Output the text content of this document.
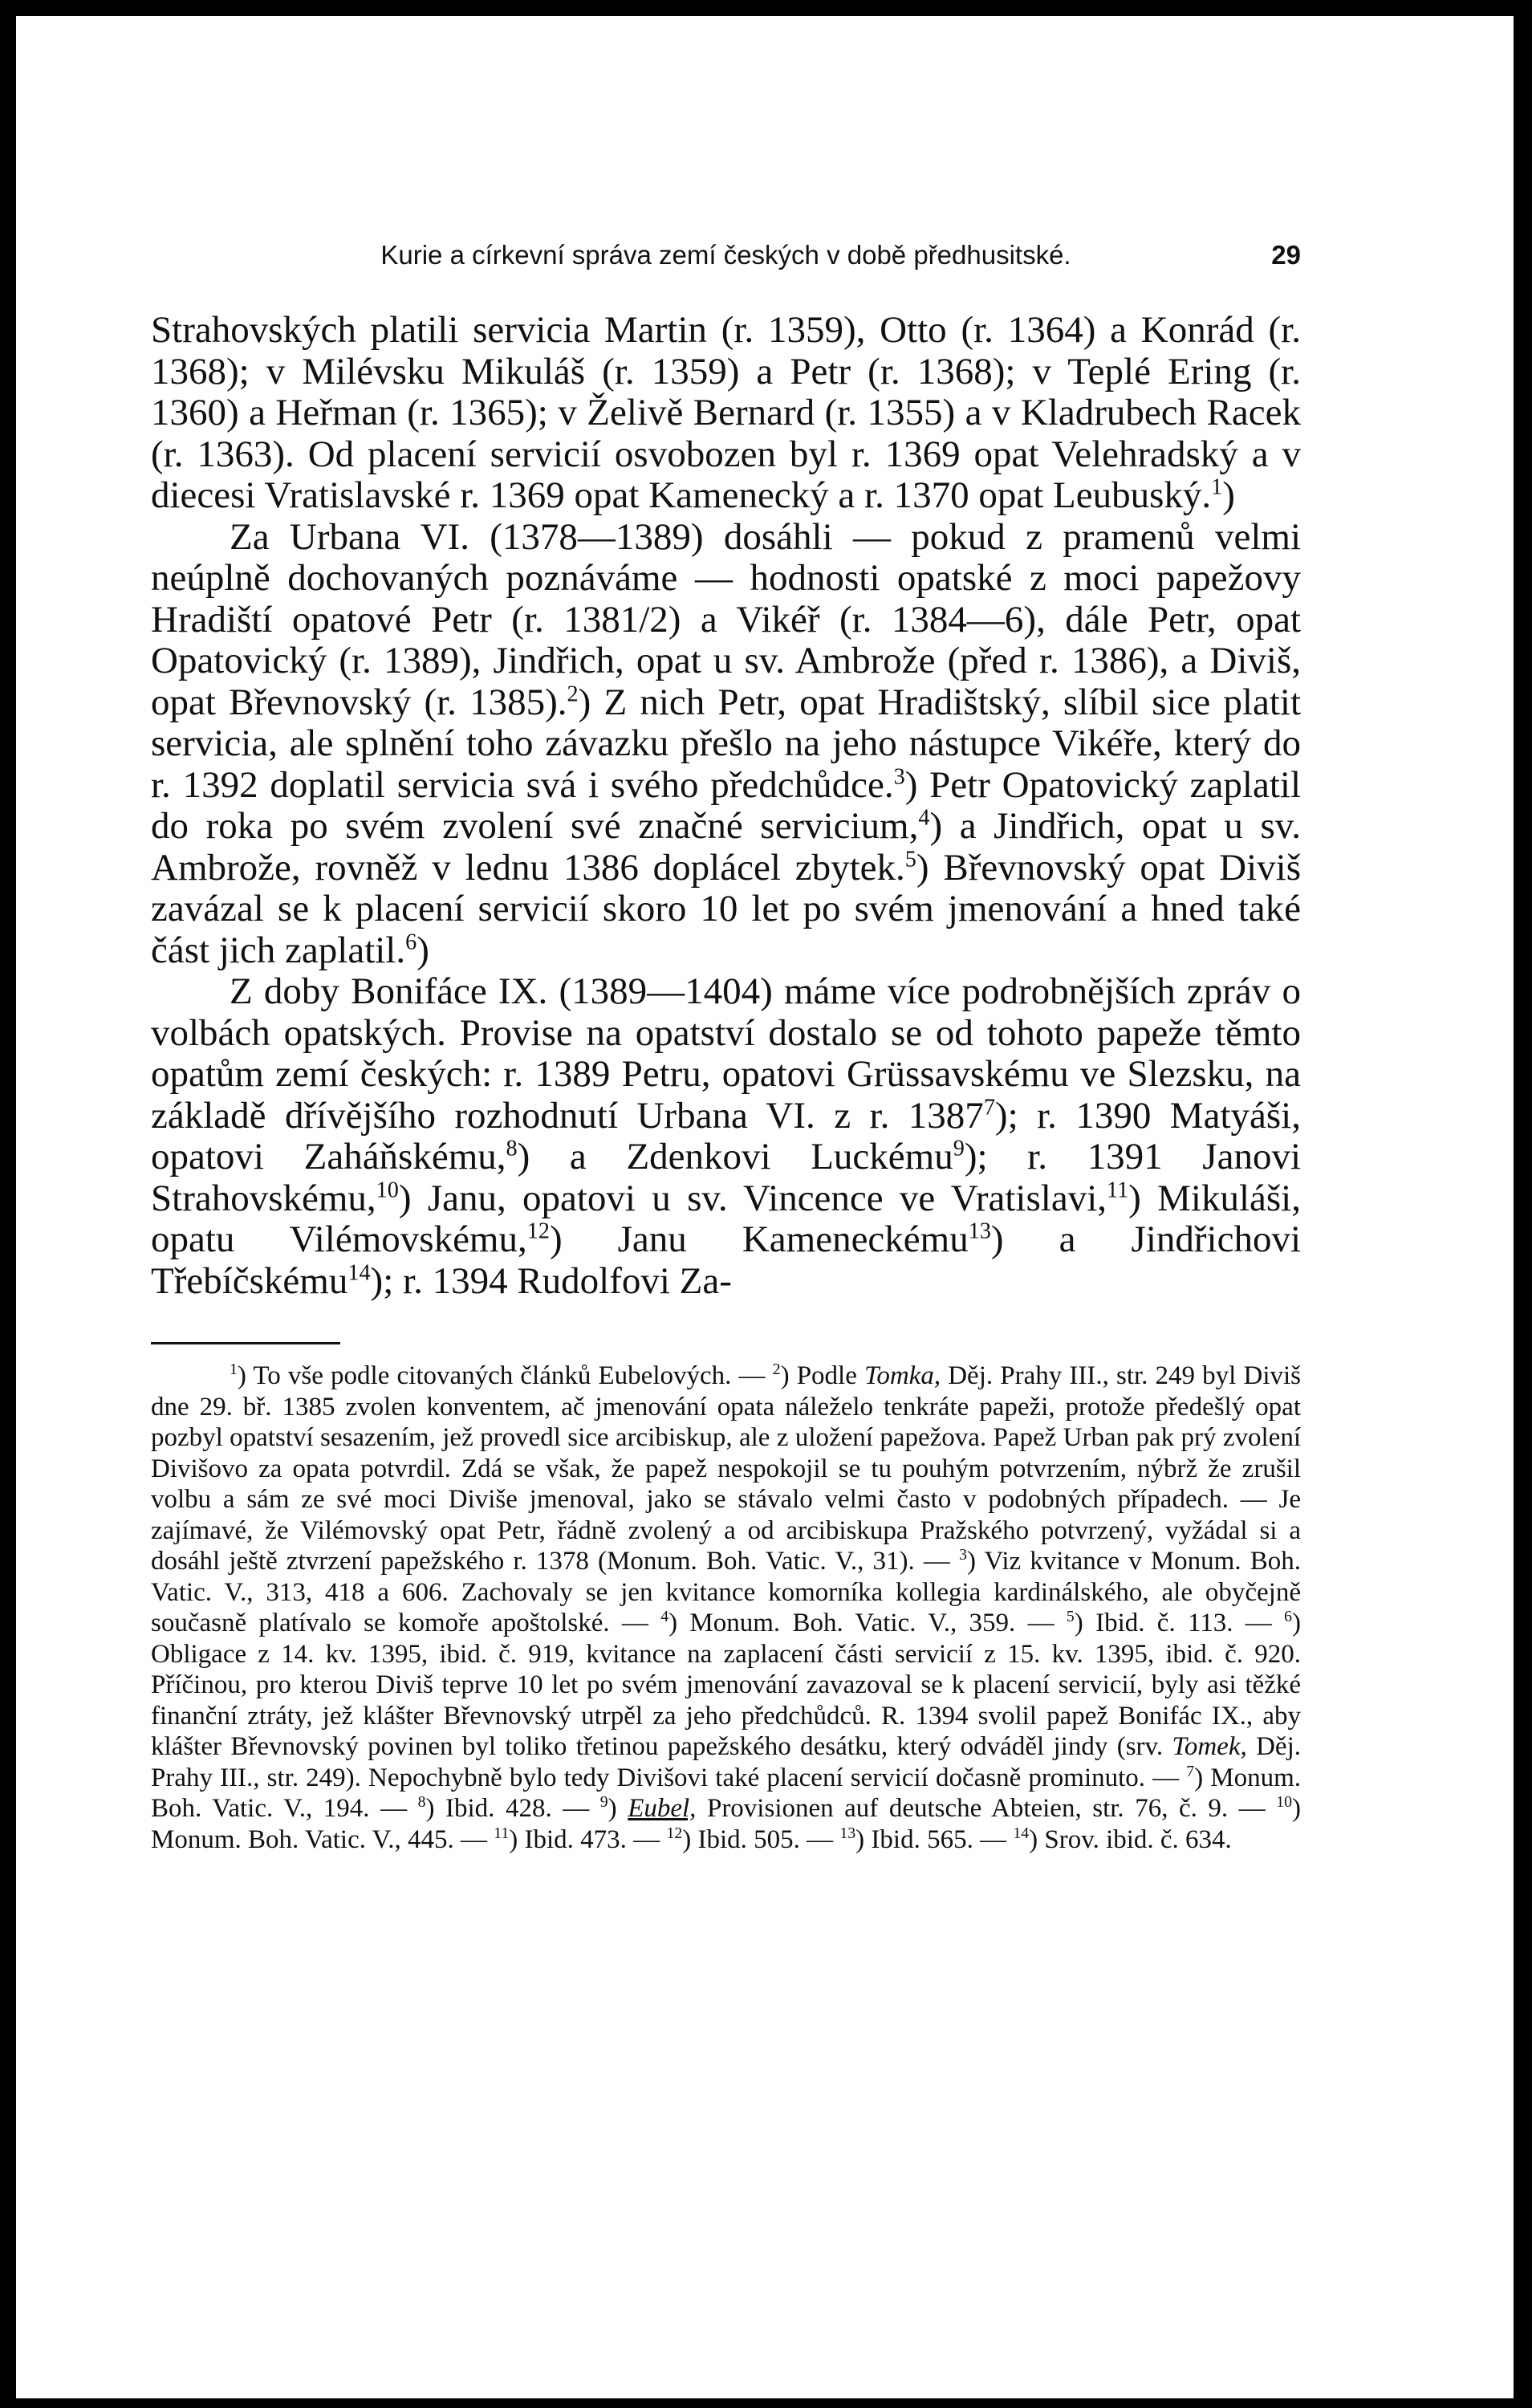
Kurie a církevní správa zemí českých v době předhusitské.	29

Strahovských platili servicia Martin (r. 1359), Otto (r. 1364) a Konrád (r. 1368); v Milévsku Mikuláš (r. 1359) a Petr (r. 1368); v Teplé Ering (r. 1360) a Heřman (r. 1365); v Želivě Bernard (r. 1355) a v Kladrubech Racek (r. 1363). Od placení servicií osvobozen byl r. 1369 opat Velehradský a v diecesi Vratislavské r. 1369 opat Kamenecký a r. 1370 opat Leubuský.$^1$)

Za Urbana VI. (1378—1389) dosáhli — pokud z pramenů velmi neúplně dochovaných poznáváme — hodnosti opatské z moci papežovy Hradiští opatové Petr (r. 1381/2) a Vikéř (r. 1384—6), dále Petr, opat Opatovický (r. 1389), Jindřich, opat u sv. Ambrože (před r. 1386), a Diviš, opat Břevnovský (r. 1385).$^2$) Z nich Petr, opat Hradištský, slíbil sice platit servicia, ale splnění toho závazku přešlo na jeho nástupce Vikéře, který do r. 1392 doplatil servicia svá i svého předchůdce.$^3$) Petr Opatovický zaplatil do roka po svém zvolení své značné servicium,$^4$) a Jindřich, opat u sv. Ambrože, rovněž v lednu 1386 doplácel zbytek.$^5$) Břevnovský opat Diviš zavázal se k placení servicií skoro 10 let po svém jmenování a hned také část jich zaplatil.$^6$)

Z doby Bonifáce IX. (1389—1404) máme více podrobnějších zpráv o volbách opatských. Provise na opatství dostalo se od tohoto papeže těmto opatům zemí českých: r. 1389 Petru, opatovi Grüssavskému ve Slezsku, na základě dřívějšího rozhodnutí Urbana VI. z r. 1387$^7$); r. 1390 Matyáši, opatovi Zaháňskému,$^8$) a Zdenkovi Luckému$^9$); r. 1391 Janovi Strahovskému,$^{10}$) Janu, opatovi u sv. Vincence ve Vratislavi,$^{11}$) Mikuláši, opatu Vilémovskému,$^{12}$) Janu Kameneckému$^{13}$) a Jindřichovi Třebíčskému$^{14}$); r. 1394 Rudolfovi Za-

$^1$) To vše podle citovaných článků Eubelových. — $^2$) Podle Tomka, Děj. Prahy III., str. 249 byl Diviš dne 29. bř. 1385 zvolen konventem, ač jmenování opata náleželo tenkráte papeži, protože předešlý opat pozbyl opatství sesazením, jež provedl sice arcibiskup, ale z uložení papežova. Papež Urban pak prý zvolení Divišovo za opata potvrdil. Zdá se však, že papež nespokojil se tu pouhým potvrzením, nýbrž že zrušil volbu a sám ze své moci Diviše jmenoval, jako se stávalo velmi často v podobných případech. — Je zajímavé, že Vilémovský opat Petr, řádně zvolený a od arcibiskupa Pražského potvrzený, vyžádal si a dosáhl ještě ztvrzení papežského r. 1378 (Monum. Boh. Vatic. V., 31). — $^3$) Viz kvitance v Monum. Boh. Vatic. V., 313, 418 a 606. Zachovaly se jen kvitance komorníka kollegia kardinálského, ale obyčejně současně platívalo se komoře apoštolské. — $^4$) Monum. Boh. Vatic. V., 359. — $^5$) Ibid. č. 113. — $^6$) Obligace z 14. kv. 1395, ibid. č. 919, kvitance na zaplacení části servicií z 15. kv. 1395, ibid. č. 920. Příčinou, pro kterou Diviš teprve 10 let po svém jmenování zavazoval se k placení servicií, byly asi těžké finanční ztráty, jež klášter Břevnovský utrpěl za jeho předchůdců. R. 1394 svolil papež Bonifác IX., aby klášter Břevnovský povinen byl toliko třetinou papežského desátku, který odváděl jindy (srv. Tomek, Děj. Prahy III., str. 249). Nepochybně bylo tedy Divišovi také placení servicií dočasně prominuto. — $^7$) Monum. Boh. Vatic. V., 194. — $^8$) Ibid. 428. — $^9$) Eubel, Provisionen auf deutsche Abteien, str. 76, č. 9. — $^{10}$) Monum. Boh. Vatic. V., 445. — $^{11}$) Ibid. 473. — $^{12}$) Ibid. 505. — $^{13}$) Ibid. 565. — $^{14}$) Srov. ibid. č. 634.
